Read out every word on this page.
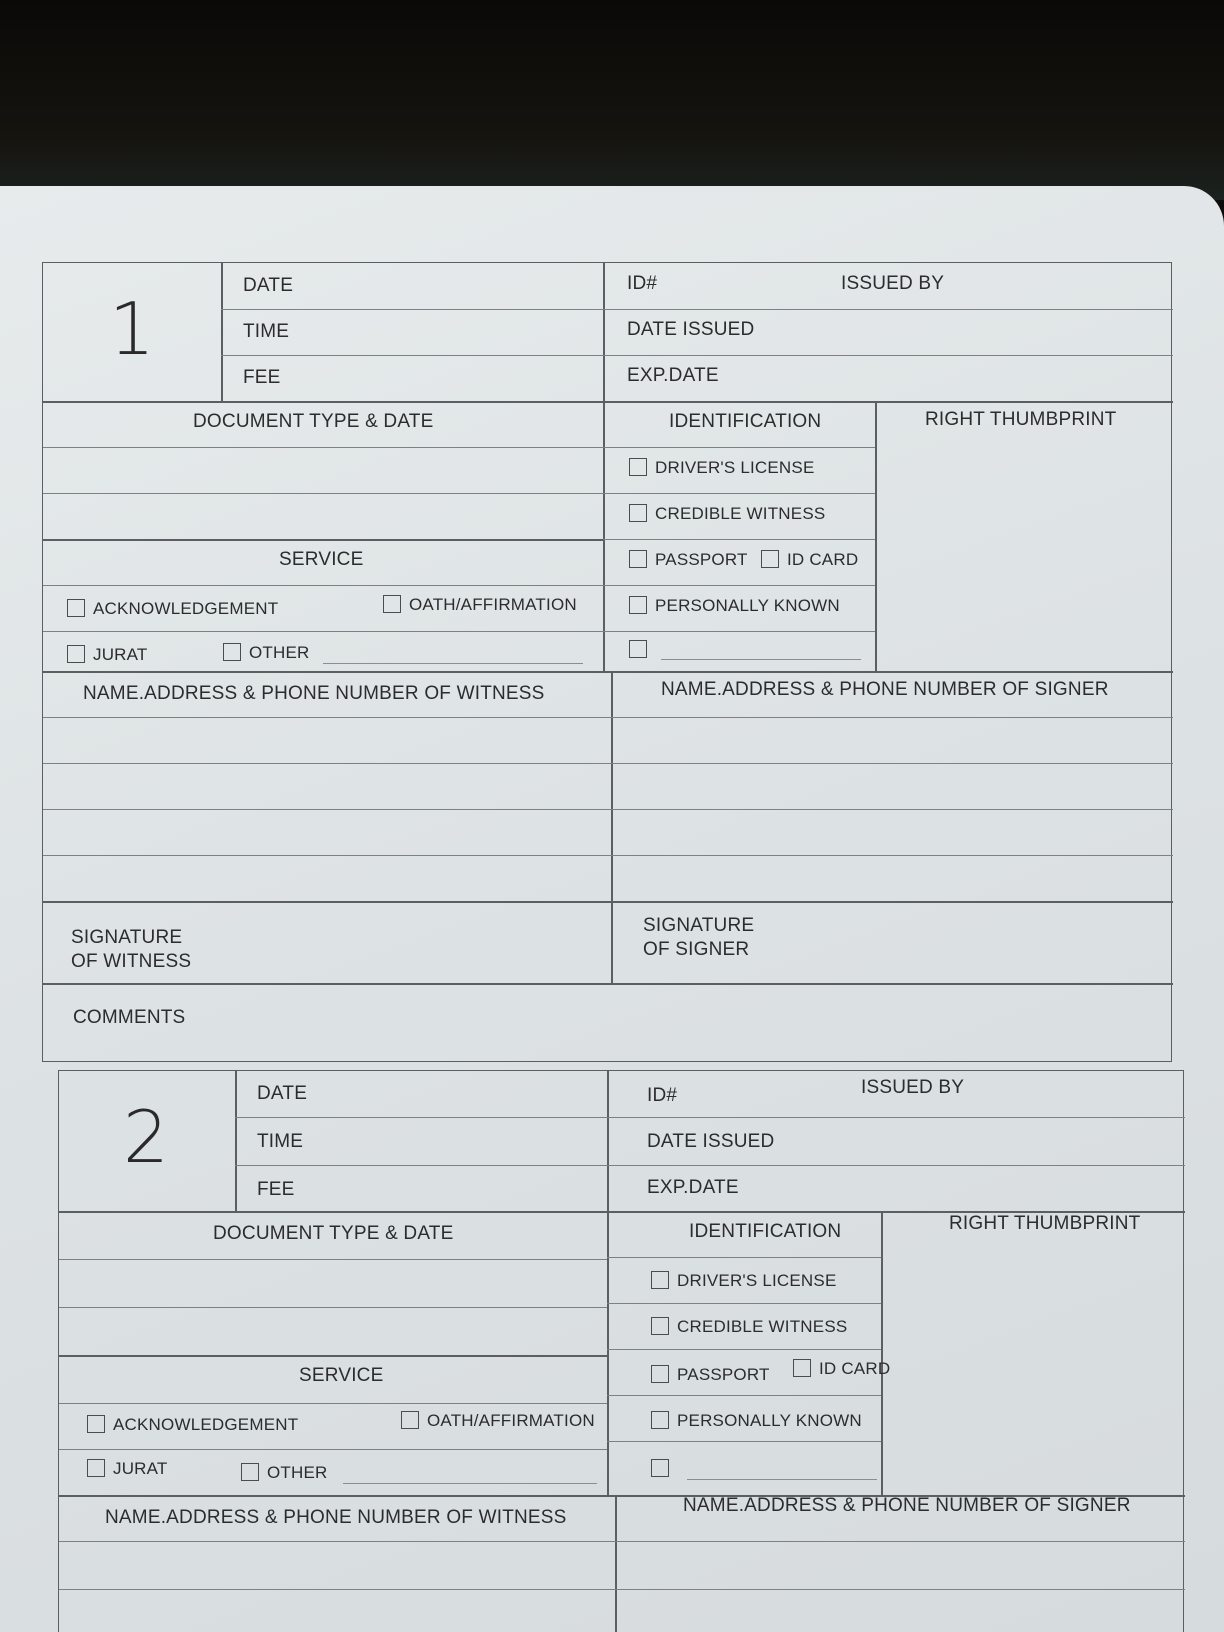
1
DATE
TIME
FEE
ID#	ISSUED BY
DATE ISSUED
EXP.DATE
DOCUMENT TYPE & DATE	IDENTIFICATION	RIGHT THUMBPRINT
DRIVER'S LICENSE
CREDIBLE WITNESS
PASSPORT	ID CARD
PERSONALLY KNOWN
SERVICE
ACKNOWLEDGEMENT	OATH/AFFIRMATION
JURAT	OTHER
NAME.ADDRESS & PHONE NUMBER OF WITNESS	NAME.ADDRESS & PHONE NUMBER OF SIGNER
SIGNATURE
OF WITNESS
SIGNATURE
OF SIGNER
COMMENTS
2
DATE
TIME
FEE
ID#	ISSUED BY
DATE ISSUED
EXP.DATE
DOCUMENT TYPE & DATE	IDENTIFICATION	RIGHT THUMBPRINT
DRIVER'S LICENSE
CREDIBLE WITNESS
PASSPORT	ID CARD
PERSONALLY KNOWN
SERVICE
ACKNOWLEDGEMENT	OATH/AFFIRMATION
JURAT	OTHER
NAME.ADDRESS & PHONE NUMBER OF WITNESS
NAME.ADDRESS & PHONE NUMBER OF SIGNER
